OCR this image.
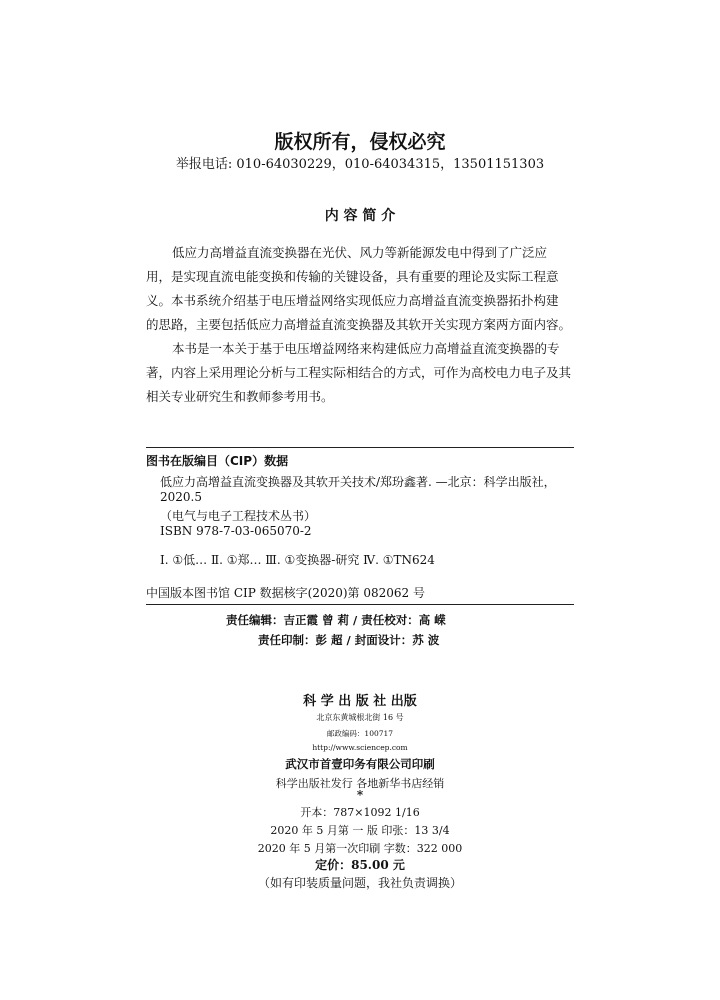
版权所有，侵权必究
举报电话: 010-64030229，010-64034315，13501151303
内 容 简 介
低应力高增益直流变换器在光伏、风力等新能源发电中得到了广泛应
用，是实现直流电能变换和传输的关键设备，具有重要的理论及实际工程意
义。本书系统介绍基于电压增益网络实现低应力高增益直流变换器拓扑构建
的思路，主要包括低应力高增益直流变换器及其软开关实现方案两方面内容。
本书是一本关于基于电压增益网络来构建低应力高增益直流变换器的专
著，内容上采用理论分析与工程实际相结合的方式，可作为高校电力电子及其
相关专业研究生和教师参考用书。
图书在版编目（CIP）数据
低应力高增益直流变换器及其软开关技术/郑玢鑫著. —北京：科学出版社，
2020.5
（电气与电子工程技术丛书）
ISBN 978-7-03-065070-2
Ⅰ. ①低… Ⅱ. ①郑… Ⅲ. ①变换器-研究 Ⅳ. ①TN624
中国版本图书馆 CIP 数据核字(2020)第 082062 号
责任编辑：吉正霞 曾 莉 / 责任校对：高 嵘
责任印制：彭 超 / 封面设计：苏 波
科 学 出 版 社 出版
北京东黄城根北街 16 号
邮政编码：100717
http://www.sciencep.com
武汉市首壹印务有限公司印刷
科学出版社发行 各地新华书店经销
*
开本：787×1092 1/16
2020 年 5 月第 一 版 印张：13 3/4
2020 年 5 月第一次印刷 字数：322 000
定价：85.00 元
（如有印装质量问题，我社负责调换）
